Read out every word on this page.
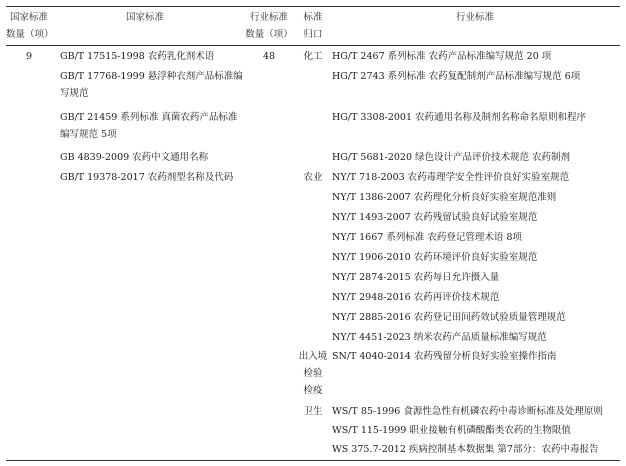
国家标准
数量（项）
国家标准	行业标准
数量（项）
标准
归口
行业标准
9	48
GB/T 17515-1998 农药乳化剂术语
GB/T 17768-1999 悬浮种衣剂产品标准编写规范
GB/T 21459 系列标准 真菌农药产品标准编写规范 5项
GB 4839-2009 农药中文通用名称
GB/T 19378-2017 农药剂型名称及代码
化工
农业
出入境
检验
检疫
卫生
HG/T 2467 系列标准 农药产品标准编写规范 20 项
HG/T 2743 系列标准 农药复配制剂产品标准编写规范 6项
HG/T 3308-2001 农药通用名称及制剂名称命名原则和程序
HG/T 5681-2020 绿色设计产品评价技术规范 农药制剂
NY/T 718-2003 农药毒理学安全性评价良好实验室规范
NY/T 1386-2007 农药理化分析良好实验室规范准则
NY/T 1493-2007 农药残留试验良好试验室规范
NY/T 1667 系列标准 农药登记管理术语 8项
NY/T 1906-2010 农药环境评价良好实验室规范
NY/T 2874-2015 农药每日允许摄入量
NY/T 2948-2016 农药再评价技术规范
NY/T 2885-2016 农药登记田间药效试验质量管理规范
NY/T 4451-2023 纳米农药产品质量标准编写规范
SN/T 4040-2014 农药残留分析良好实验室操作指南
WS/T 85-1996 食源性急性有机磷农药中毒诊断标准及处理原则
WS/T 115-1999 职业接触有机磷酸酯类农药的生物限值
WS 375.7-2012 疾病控制基本数据集 第7部分：农药中毒报告
